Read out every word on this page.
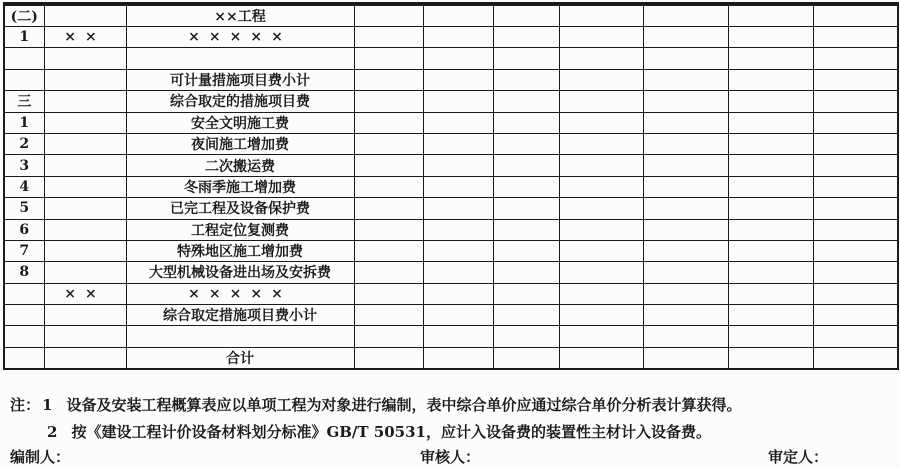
(二)		××工程							
1	××	×××××							

		可计量措施项目费小计							
三		综合取定的措施项目费							
1		安全文明施工费							
2		夜间施工增加费							
3		二次搬运费							
4		冬雨季施工增加费							
5		已完工程及设备保护费							
6		工程定位复测费							
7		特殊地区施工增加费							
8		大型机械设备进出场及安拆费							
	××	×××××							
		综合取定措施项目费小计							

		合计							
注： 1 设备及安装工程概算表应以单项工程为对象进行编制，表中综合单价应通过综合单价分析表计算获得。
2 按《建设工程计价设备材料划分标准》GB/T 50531，应计入设备费的装置性主材计入设备费。
编制人：	审核人：	审定人：
